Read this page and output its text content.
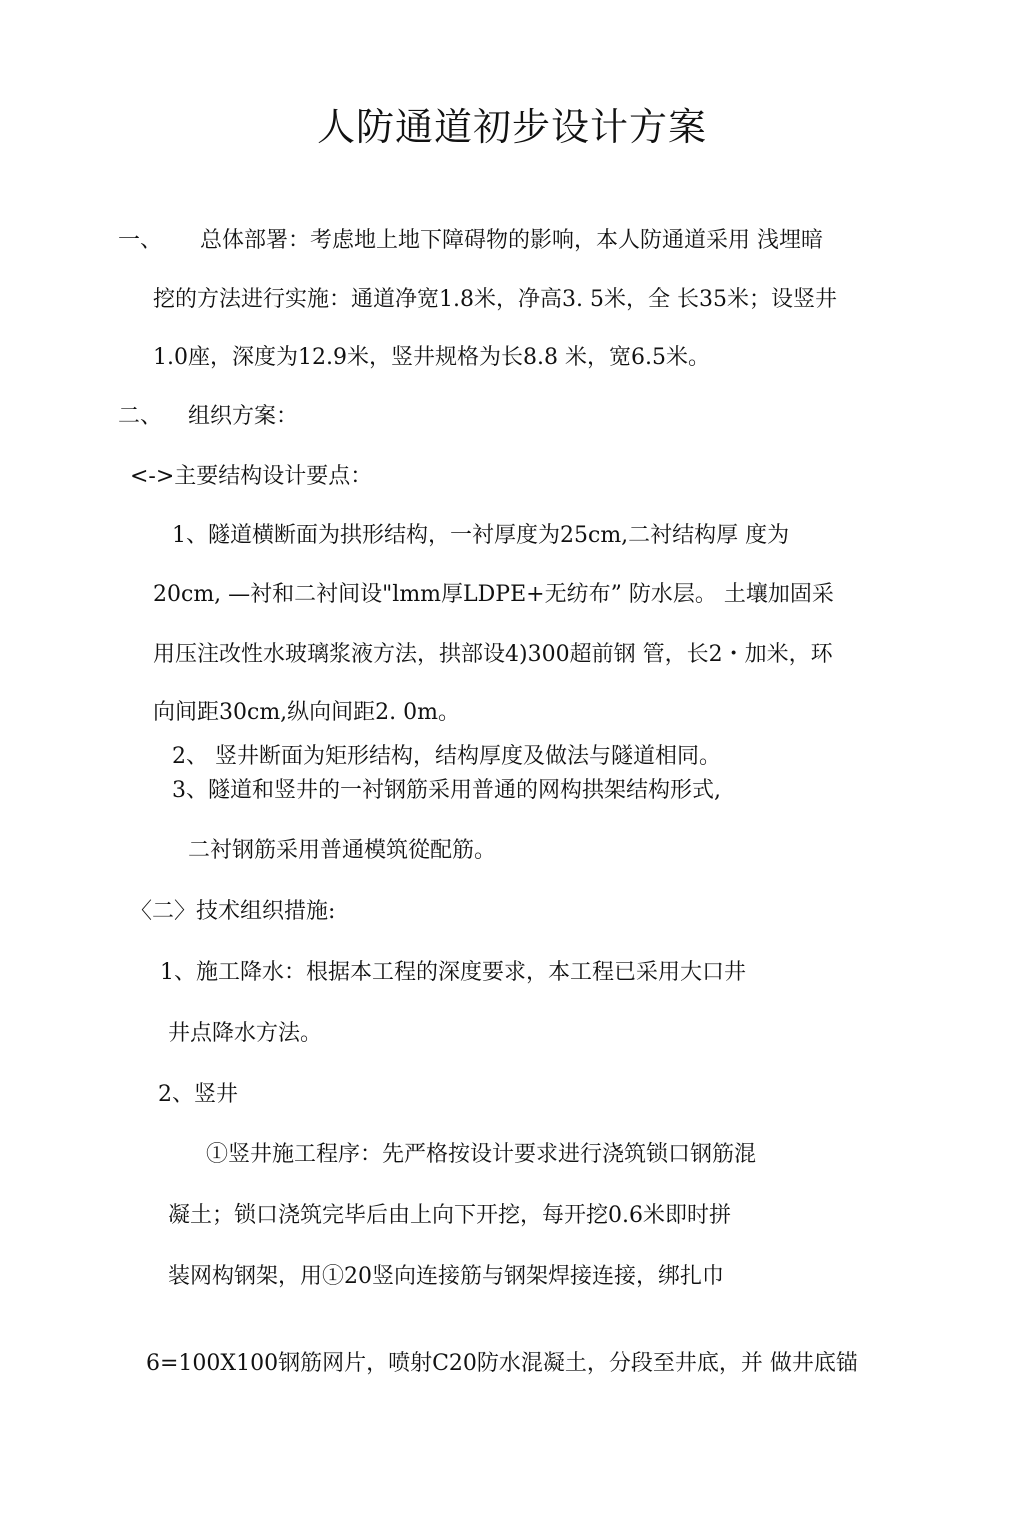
人防通道初步设计方案
一、 总体部署：考虑地上地下障碍物的影响，本人防通道采用 浅埋暗
挖的方法进行实施：通道净宽1.8米，净高3. 5米，全 长35米；设竖井
1.0座，深度为12.9米，竖井规格为长8.8 米，宽6.5米。
二、 组织方案：
<->主要结构设计要点：
1、隧道横断面为拱形结构，一衬厚度为25cm,二衬结构厚 度为
20cm, —衬和二衬间设"lmm厚LDPE+无纺布” 防水层。 土壤加固采
用压注改性水玻璃浆液方法，拱部设4)300超前钢 管，长2・加米，环
向间距30cm,纵向间距2. 0m。
2、 竖井断面为矩形结构，结构厚度及做法与隧道相同。
3、隧道和竖井的一衬钢筋采用普通的网构拱架结构形式,
二衬钢筋采用普通模筑從配筋。
〈二〉技术组织措施:
1、施工降水：根据本工程的深度要求，本工程已采用大口井
井点降水方法。
2、竖井
①竖井施工程序：先严格按设计要求进行浇筑锁口钢筋混
凝土；锁口浇筑完毕后由上向下开挖，每开挖0.6米即时拼
装网构钢架，用①20竖向连接筋与钢架焊接连接，绑扎巾
6=100X100钢筋网片，喷射C20防水混凝土，分段至井底，并 做井底锚
